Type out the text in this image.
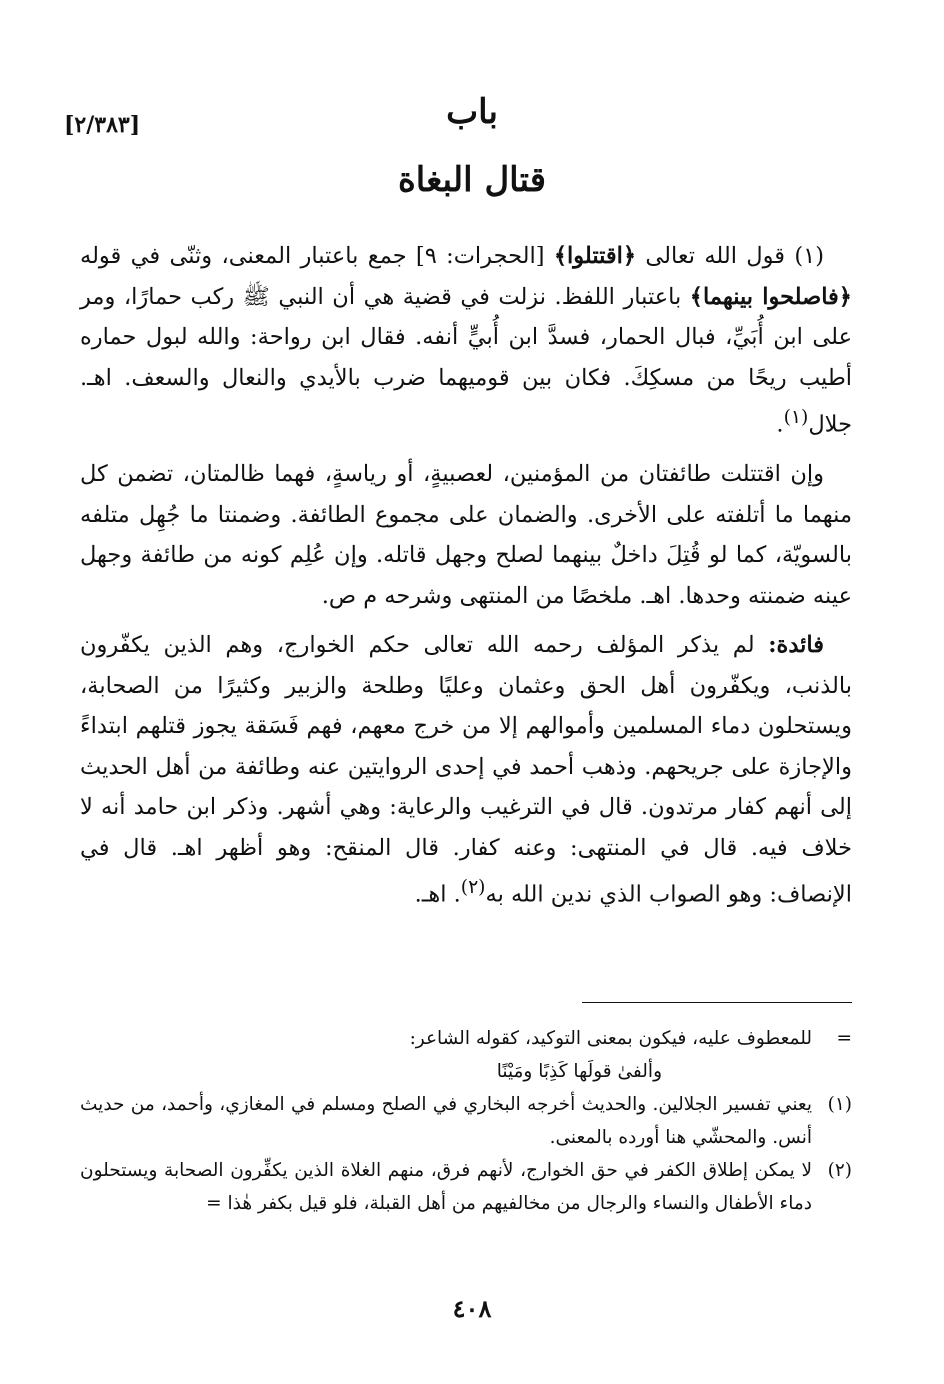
[٢/٣٨٣]	باب
قتال البغاة

(١) قول الله تعالى ﴿اقتتلوا﴾ [الحجرات: ٩] جمع باعتبار المعنى، وثنّى في قوله ﴿فاصلحوا بينهما﴾ باعتبار اللفظ. نزلت في قضية هي أن النبي ﷺ ركب حمارًا، ومر على ابن أُبَيِّ، فبال الحمار، فسدَّ ابن أُبيٍّ أنفه. فقال ابن رواحة: والله لبول حماره أطيب ريحًا من مسكِكَ. فكان بين قوميهما ضرب بالأيدي والنعال والسعف. اهـ. جلال$^{(١)}$.

وإن اقتتلت طائفتان من المؤمنين، لعصبيةٍ، أو رياسةٍ، فهما ظالمتان، تضمن كل منهما ما أتلفته على الأخرى. والضمان على مجموع الطائفة. وضمنتا ما جُهِل متلفه بالسويّة، كما لو قُتِلَ داخلٌ بينهما لصلح وجهل قاتله. وإن عُلِم كونه من طائفة وجهل عينه ضمنته وحدها. اهـ. ملخصًا من المنتهى وشرحه م ص.

فائدة: لم يذكر المؤلف رحمه الله تعالى حكم الخوارج، وهم الذين يكفّرون بالذنب، ويكفّرون أهل الحق وعثمان وعليًا وطلحة والزبير وكثيرًا من الصحابة، ويستحلون دماء المسلمين وأموالهم إلا من خرج معهم، فهم فَسَقة يجوز قتلهم ابتداءً والإجازة على جريحهم. وذهب أحمد في إحدى الروايتين عنه وطائفة من أهل الحديث إلى أنهم كفار مرتدون. قال في الترغيب والرعاية: وهي أشهر. وذكر ابن حامد أنه لا خلاف فيه. قال في المنتهى: وعنه كفار. قال المنقح: وهو أظهر اهـ. قال في الإنصاف: وهو الصواب الذي ندين الله به$^{(٢)}$. اهـ.

=
للمعطوف عليه، فيكون بمعنى التوكيد، كقوله الشاعر:
وألفىٰ قولَها كَذِبًا ومَيْنًا
(١)
يعني تفسير الجلالين. والحديث أخرجه البخاري في الصلح ومسلم في المغازي، وأحمد، من حديث أنس. والمحشّي هنا أورده بالمعنى.
(٢)
لا يمكن إطلاق الكفر في حق الخوارج، لأنهم فرق، منهم الغلاة الذين يكفِّرون الصحابة ويستحلون دماء الأطفال والنساء والرجال من مخالفيهم من أهل القبلة، فلو قيل بكفر هٰذا =
٤٠٨
